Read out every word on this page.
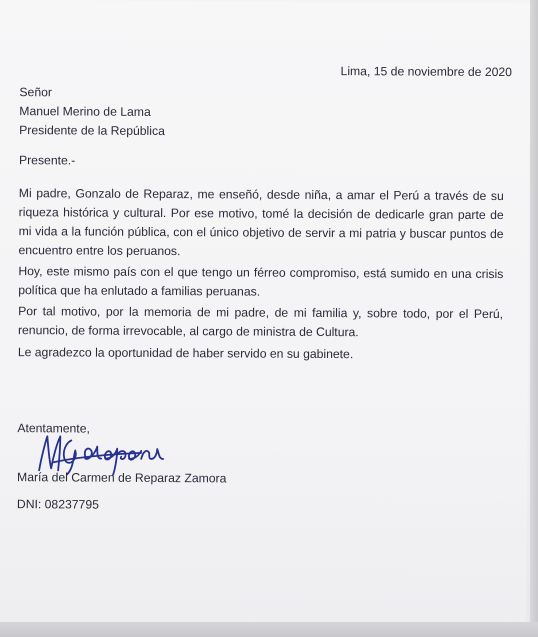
Lima, 15 de noviembre de 2020

Señor

Manuel Merino de Lama

Presidente de la República

Presente.-

Mi padre, Gonzalo de Reparaz, me enseñó, desde niña, a amar el Perú a través de su riqueza histórica y cultural. Por ese motivo, tomé la decisión de dedicarle gran parte de mi vida a la función pública, con el único objetivo de servir a mi patria y buscar puntos de encuentro entre los peruanos.

Hoy, este mismo país con el que tengo un férreo compromiso, está sumido en una crisis política que ha enlutado a familias peruanas.

Por tal motivo, por la memoria de mi padre, de mi familia y, sobre todo, por el Perú, renuncio, de forma irrevocable, al cargo de ministra de Cultura.

Le agradezco la oportunidad de haber servido en su gabinete.

Atentamente,

María del Carmen de Reparaz Zamora

DNI: 08237795
